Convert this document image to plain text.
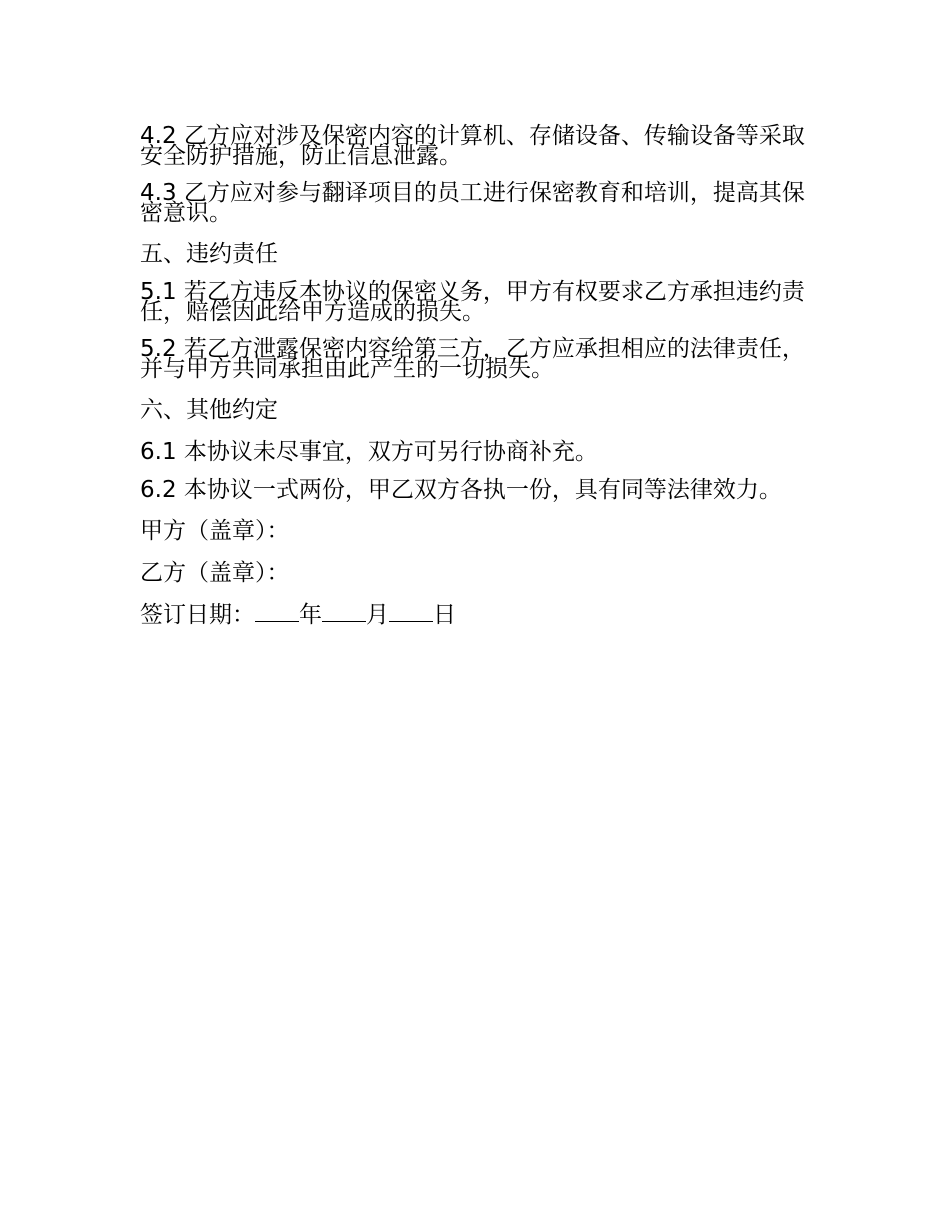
4.2 乙方应对涉及保密内容的计算机、存储设备、传输设备等采取安全防护措施，防止信息泄露。

4.3 乙方应对参与翻译项目的员工进行保密教育和培训，提高其保密意识。

五、违约责任

5.1 若乙方违反本协议的保密义务，甲方有权要求乙方承担违约责任，赔偿因此给甲方造成的损失。

5.2 若乙方泄露保密内容给第三方，乙方应承担相应的法律责任，并与甲方共同承担由此产生的一切损失。

六、其他约定

6.1 本协议未尽事宜，双方可另行协商补充。

6.2 本协议一式两份，甲乙双方各执一份，具有同等法律效力。

甲方（盖章）：

乙方（盖章）：

签订日期： 年 月 日
